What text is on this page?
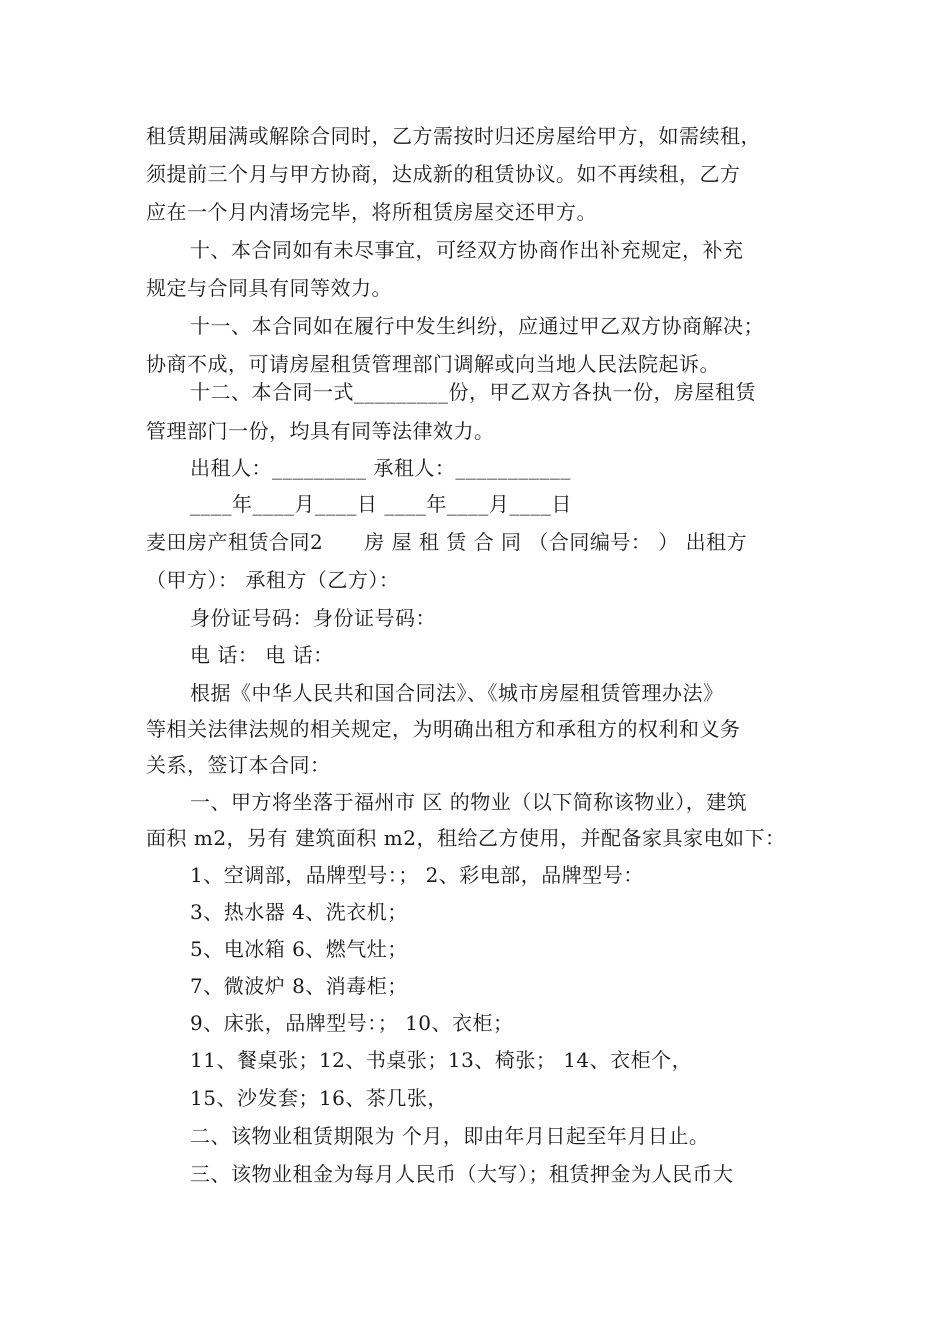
租赁期届满或解除合同时，乙方需按时归还房屋给甲方，如需续租，
须提前三个月与甲方协商，达成新的租赁协议。如不再续租，乙方
应在一个月内清场完毕，将所租赁房屋交还甲方。
十、本合同如有未尽事宜，可经双方协商作出补充规定，补充
规定与合同具有同等效力。
十一、本合同如在履行中发生纠纷，应通过甲乙双方协商解决；
协商不成，可请房屋租赁管理部门调解或向当地人民法院起诉。
十二、本合同一式_________份，甲乙双方各执一份，房屋租赁
管理部门一份，均具有同等法律效力。
出租人：_________ 承租人：___________
____年____月____日 ____年____月____日
麦田房产租赁合同2　　房 屋 租 赁 合 同 （合同编号： ） 出租方
（甲方）： 承租方（乙方）：
身份证号码：身份证号码：
电 话： 电 话：
根据《中华人民共和国合同法》、《城市房屋租赁管理办法》
等相关法律法规的相关规定，为明确出租方和承租方的权利和义务
关系，签订本合同：
一、甲方将坐落于福州市 区 的物业（以下简称该物业），建筑
面积 m2，另有 建筑面积 m2，租给乙方使用，并配备家具家电如下：
1、空调部，品牌型号：； 2、彩电部，品牌型号：
3、热水器 4、洗衣机；
5、电冰箱 6、燃气灶；
7、微波炉 8、消毒柜；
9、床张，品牌型号：； 10、衣柜；
11、餐桌张；12、书桌张；13、椅张； 14、衣柜个，
15、沙发套；16、茶几张，
二、该物业租赁期限为 个月，即由年月日起至年月日止。
三、该物业租金为每月人民币（大写）；租赁押金为人民币大
